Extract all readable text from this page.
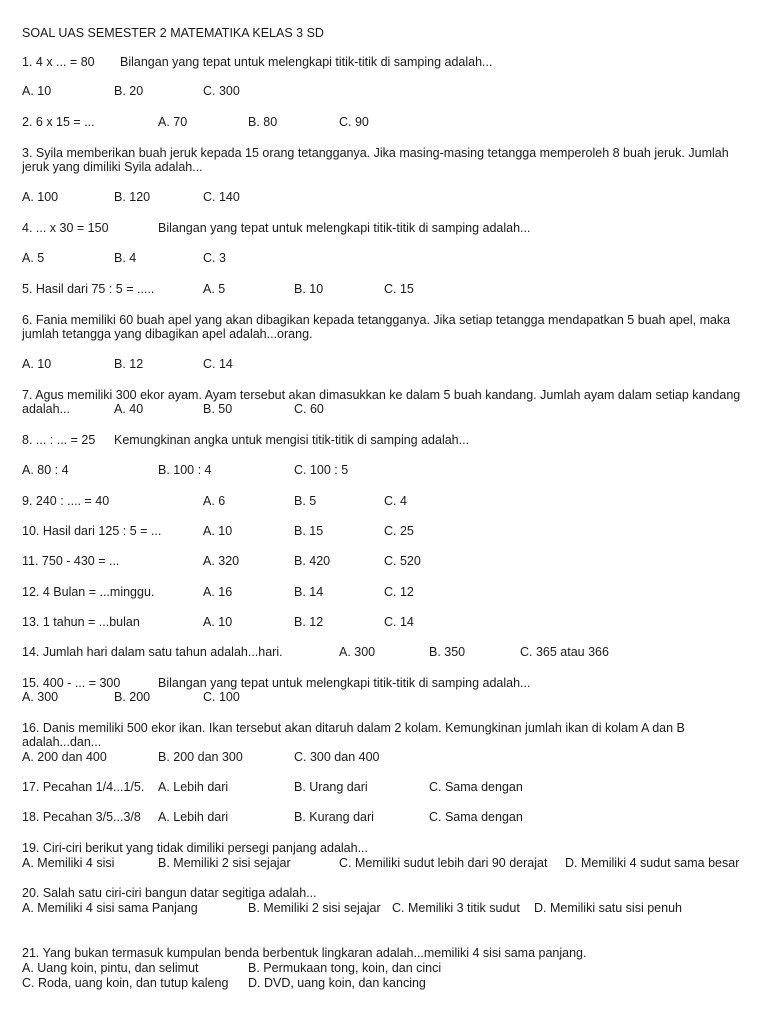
SOAL UAS SEMESTER 2 MATEMATIKA KELAS 3 SD
1. 4 x ... = 80 Bilangan yang tepat untuk melengkapi titik-titik di samping adalah...
A. 10	B. 20	C. 300
2. 6 x 15 = ...	A. 70	B. 80	C. 90
3. Syila memberikan buah jeruk kepada 15 orang tetangganya. Jika masing-masing tetangga memperoleh 8 buah jeruk. Jumlah
jeruk yang dimiliki Syila adalah...
A. 100	B. 120	C. 140
4. ... x 30 = 150	Bilangan yang tepat untuk melengkapi titik-titik di samping adalah...
A. 5	B. 4	C. 3
5. Hasil dari 75 : 5 = .....	A. 5	B. 10	C. 15
6. Fania memiliki 60 buah apel yang akan dibagikan kepada tetangganya. Jika setiap tetangga mendapatkan 5 buah apel, maka
jumlah tetangga yang dibagikan apel adalah...orang.
A. 10	B. 12	C. 14
7. Agus memiliki 300 ekor ayam. Ayam tersebut akan dimasukkan ke dalam 5 buah kandang. Jumlah ayam dalam setiap kandang
adalah...	A. 40	B. 50	C. 60
8. ... : ... = 25 Kemungkinan angka untuk mengisi titik-titik di samping adalah...
A. 80 : 4	B. 100 : 4	C. 100 : 5
9. 240 : .... = 40	A. 6	B. 5	C. 4
10. Hasil dari 125 : 5 = ...	A. 10	B. 15	C. 25
11. 750 - 430 = ...	A. 320	B. 420	C. 520
12. 4 Bulan = ...minggu.	A. 16	B. 14	C. 12
13. 1 tahun = ...bulan	A. 10	B. 12	C. 14
14. Jumlah hari dalam satu tahun adalah...hari.	A. 300	B. 350	C. 365 atau 366
15. 400 - ... = 300	Bilangan yang tepat untuk melengkapi titik-titik di samping adalah...
A. 300	B. 200	C. 100
16. Danis memiliki 500 ekor ikan. Ikan tersebut akan ditaruh dalam 2 kolam. Kemungkinan jumlah ikan di kolam A dan B
adalah...dan...
A. 200 dan 400	B. 200 dan 300	C. 300 dan 400
17. Pecahan 1/4...1/5. A. Lebih dari	B. Urang dari	C. Sama dengan
18. Pecahan 3/5...3/8 A. Lebih dari	B. Kurang dari	C. Sama dengan
19. Ciri-ciri berikut yang tidak dimiliki persegi panjang adalah...
A. Memiliki 4 sisi	B. Memiliki 2 sisi sejajar	C. Memiliki sudut lebih dari 90 derajat D. Memiliki 4 sudut sama besar
20. Salah satu ciri-ciri bangun datar segitiga adalah...
A. Memiliki 4 sisi sama Panjang	B. Memiliki 2 sisi sejajar C. Memiliki 3 titik sudut D. Memiliki satu sisi penuh
21. Yang bukan termasuk kumpulan benda berbentuk lingkaran adalah...memiliki 4 sisi sama panjang.
A. Uang koin, pintu, dan selimut	B. Permukaan tong, koin, dan cinci
C. Roda, uang koin, dan tutup kaleng D. DVD, uang koin, dan kancing
